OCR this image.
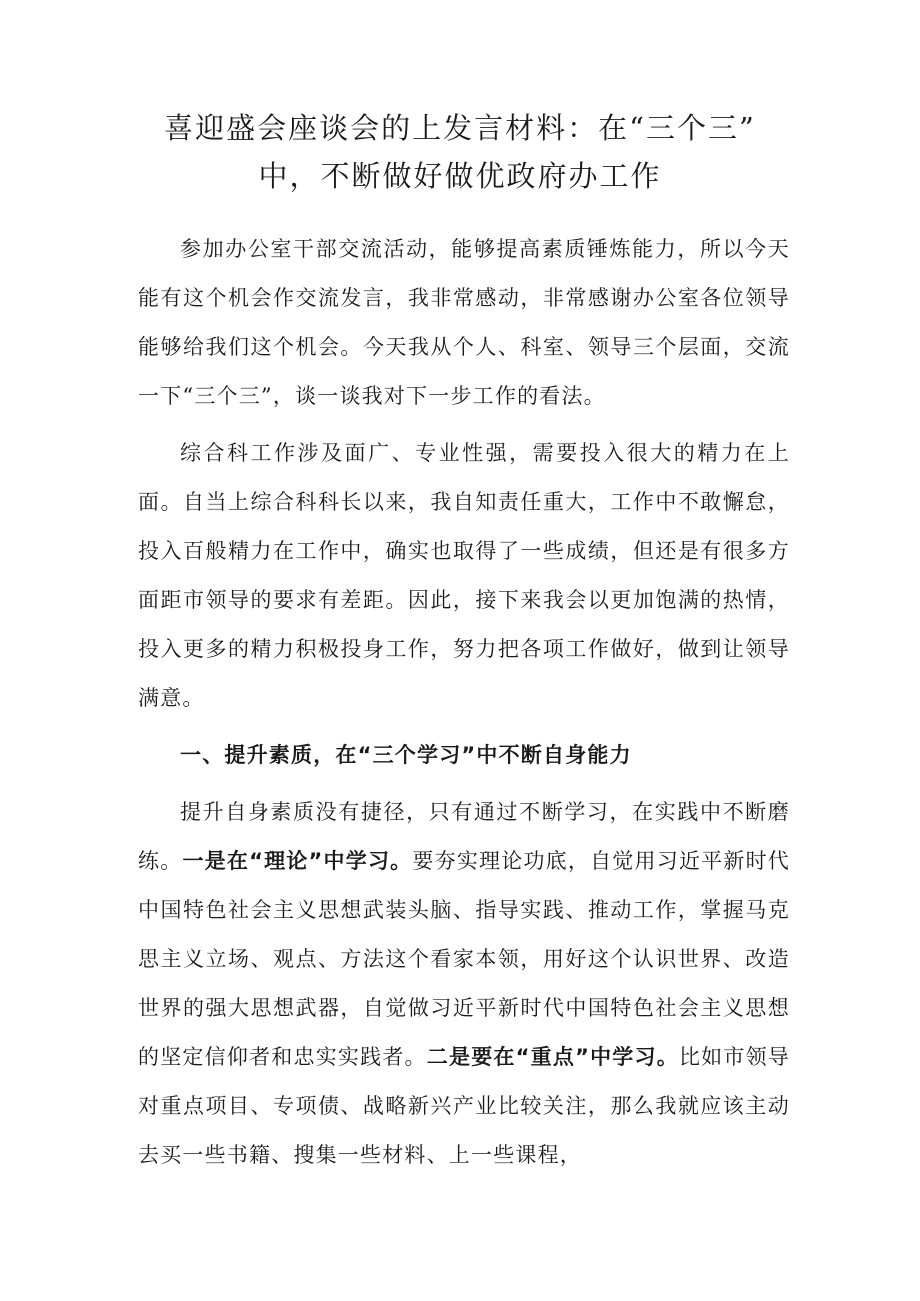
喜迎盛会座谈会的上发言材料：在“三个三”
中，不断做好做优政府办工作

参加办公室干部交流活动，能够提高素质锤炼能力，所以今天能有这个机会作交流发言，我非常感动，非常感谢办公室各位领导能够给我们这个机会。今天我从个人、科室、领导三个层面，交流一下“三个三”，谈一谈我对下一步工作的看法。

综合科工作涉及面广、专业性强，需要投入很大的精力在上面。自当上综合科科长以来，我自知责任重大，工作中不敢懈怠，投入百般精力在工作中，确实也取得了一些成绩，但还是有很多方面距市领导的要求有差距。因此，接下来我会以更加饱满的热情，投入更多的精力积极投身工作，努力把各项工作做好，做到让领导满意。

一、提升素质，在“三个学习”中不断自身能力

提升自身素质没有捷径，只有通过不断学习，在实践中不断磨练。一是在“理论”中学习。要夯实理论功底，自觉用习近平新时代中国特色社会主义思想武装头脑、指导实践、推动工作，掌握马克思主义立场、观点、方法这个看家本领，用好这个认识世界、改造世界的强大思想武器，自觉做习近平新时代中国特色社会主义思想的坚定信仰者和忠实实践者。二是要在“重点”中学习。比如市领导对重点项目、专项债、战略新兴产业比较关注，那么我就应该主动去买一些书籍、搜集一些材料、上一些课程，
